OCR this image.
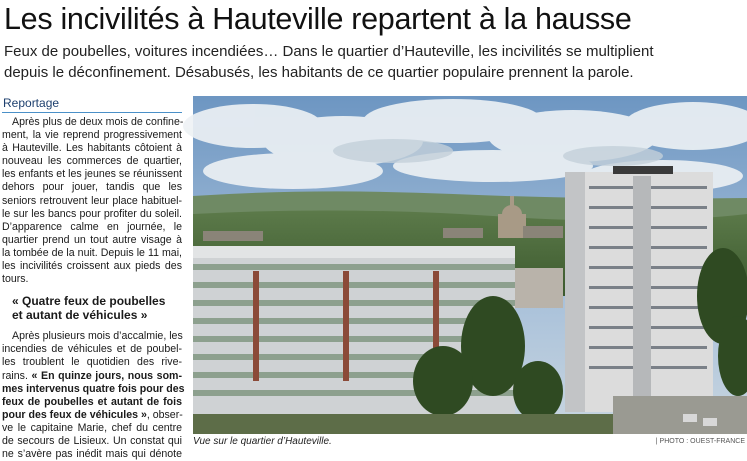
Les incivilités à Hauteville repartent à la hausse
Feux de poubelles, voitures incendiées… Dans le quartier d’Hauteville, les incivilités se multiplient
depuis le déconfinement. Désabusés, les habitants de ce quartier populaire prennent la parole.
Reportage
Après plus de deux mois de confine-
ment, la vie reprend progressivement
à Hauteville. Les habitants côtoient à
nouveau les commerces de quartier,
les enfants et les jeunes se réunissent
dehors pour jouer, tandis que les
seniors retrouvent leur place habituel-
le sur les bancs pour profiter du soleil.
D’apparence calme en journée, le
quartier prend un tout autre visage à
la tombée de la nuit. Depuis le 11 mai,
les incivilités croissent aux pieds des
tours.
« Quatre feux de poubelles
et autant de véhicules »
Après plusieurs mois d’accalmie, les
incendies de véhicules et de poubel-
les troublent le quotidien des rive-
rains. « En quinze jours, nous som-
mes intervenus quatre fois pour des
feux de poubelles et autant de fois
pour des feux de véhicules », obser-
ve le capitaine Marie, chef du centre
de secours de Lisieux. Un constat qui
ne s’avère pas inédit mais qui dénote
Vue sur le quartier d’Hauteville.	| PHOTO : OUEST-FRANCE
